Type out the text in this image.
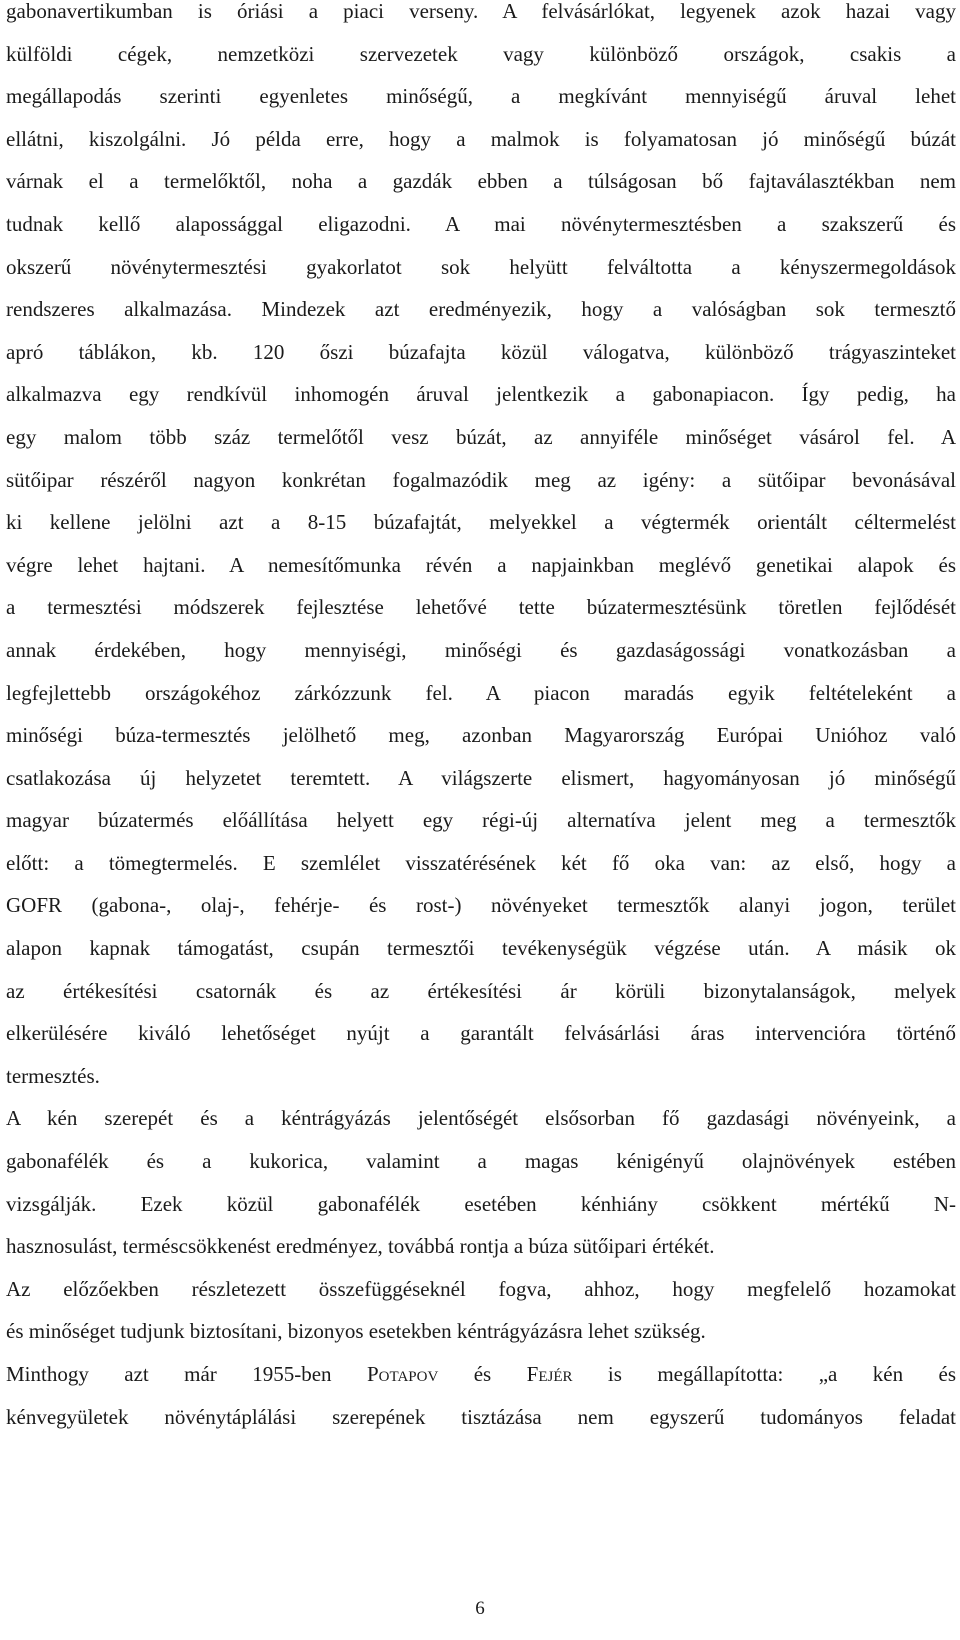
gabonavertikumban is óriási a piaci verseny. A felvásárlókat, legyenek azok hazai vagy
külföldi cégek, nemzetközi szervezetek vagy különböző országok, csakis a
megállapodás szerinti egyenletes minőségű, a megkívánt mennyiségű áruval lehet
ellátni, kiszolgálni. Jó példa erre, hogy a malmok is folyamatosan jó minőségű búzát
várnak el a termelőktől, noha a gazdák ebben a túlságosan bő fajtaválasztékban nem
tudnak kellő alapossággal eligazodni. A mai növénytermesztésben a szakszerű és
okszerű növénytermesztési gyakorlatot sok helyütt felváltotta a kényszermegoldások
rendszeres alkalmazása. Mindezek azt eredményezik, hogy a valóságban sok termesztő
apró táblákon, kb. 120 őszi búzafajta közül válogatva, különböző trágyaszinteket
alkalmazva egy rendkívül inhomogén áruval jelentkezik a gabonapiacon. Így pedig, ha
egy malom több száz termelőtől vesz búzát, az annyiféle minőséget vásárol fel. A
sütőipar részéről nagyon konkrétan fogalmazódik meg az igény: a sütőipar bevonásával
ki kellene jelölni azt a 8-15 búzafajtát, melyekkel a végtermék orientált céltermelést
végre lehet hajtani. A nemesítőmunka révén a napjainkban meglévő genetikai alapok és
a termesztési módszerek fejlesztése lehetővé tette búzatermesztésünk töretlen fejlődését
annak érdekében, hogy mennyiségi, minőségi és gazdaságossági vonatkozásban a
legfejlettebb országokéhoz zárkózzunk fel. A piacon maradás egyik feltételeként a
minőségi búza-termesztés jelölhető meg, azonban Magyarország Európai Unióhoz való
csatlakozása új helyzetet teremtett. A világszerte elismert, hagyományosan jó minőségű
magyar búzatermés előállítása helyett egy régi-új alternatíva jelent meg a termesztők
előtt: a tömegtermelés. E szemlélet visszatérésének két fő oka van: az első, hogy a
GOFR (gabona-, olaj-, fehérje- és rost-) növényeket termesztők alanyi jogon, terület
alapon kapnak támogatást, csupán termesztői tevékenységük végzése után. A másik ok
az értékesítési csatornák és az értékesítési ár körüli bizonytalanságok, melyek
elkerülésére kiváló lehetőséget nyújt a garantált felvásárlási áras intervencióra történő
termesztés.
A kén szerepét és a kéntrágyázás jelentőségét elsősorban fő gazdasági növényeink, a
gabonafélék és a kukorica, valamint a magas kénigényű olajnövények estében
vizsgálják. Ezek közül gabonafélék esetében kénhiány csökkent mértékű N-
hasznosulást, terméscsökkenést eredményez, továbbá rontja a búza sütőipari értékét.
Az előzőekben részletezett összefüggéseknél fogva, ahhoz, hogy megfelelő hozamokat
és minőséget tudjunk biztosítani, bizonyos esetekben kéntrágyázásra lehet szükség.
Minthogy azt már 1955-ben Potapov és Fejér is megállapította: „a kén és
kénvegyületek növénytáplálási szerepének tisztázása nem egyszerű tudományos feladat
6
